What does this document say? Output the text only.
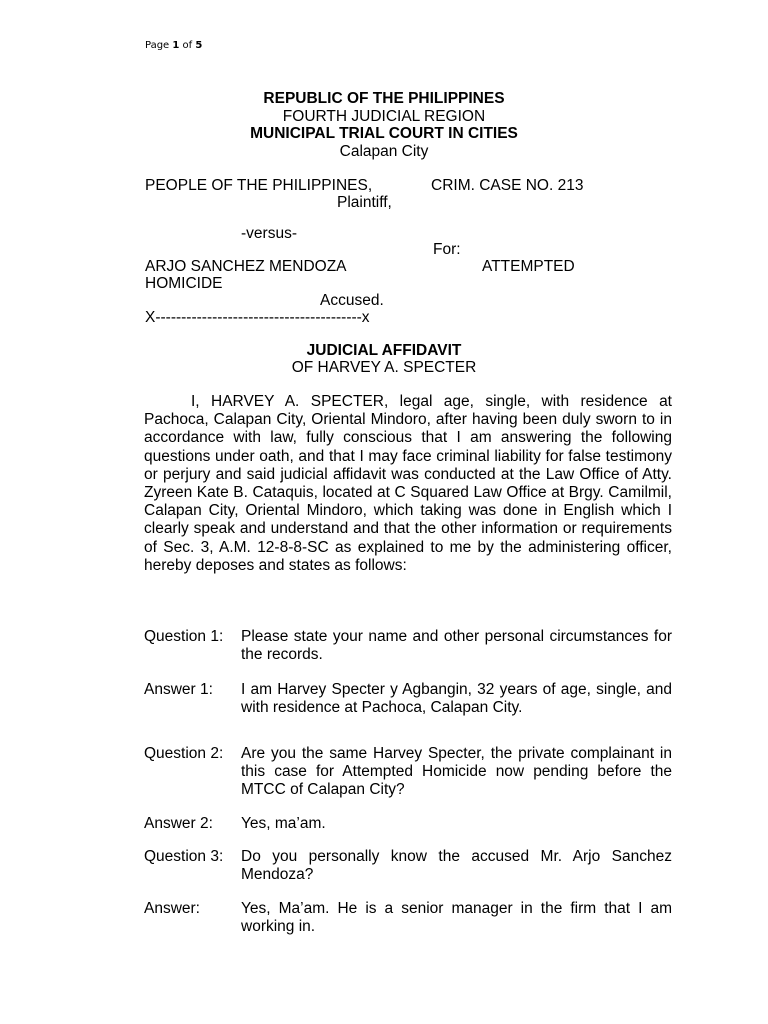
Page 1 of 5
REPUBLIC OF THE PHILIPPINES
FOURTH JUDICIAL REGION
MUNICIPAL TRIAL COURT IN CITIES
Calapan City
PEOPLE OF THE PHILIPPINES,	CRIM. CASE NO. 213
Plaintiff,
-versus-
For:
ARJO SANCHEZ MENDOZA	ATTEMPTED
HOMICIDE
Accused.
X----------------------------------------x
JUDICIAL AFFIDAVIT
OF HARVEY A. SPECTER
I, HARVEY A. SPECTER, legal age, single, with residence at Pachoca, Calapan City, Oriental Mindoro, after having been duly sworn to in accordance with law, fully conscious that I am answering the following questions under oath, and that I may face criminal liability for false testimony or perjury and said judicial affidavit was conducted at the Law Office of Atty. Zyreen Kate B. Cataquis, located at C Squared Law Office at Brgy. Camilmil, Calapan City, Oriental Mindoro, which taking was done in English which I clearly speak and understand and that the other information or requirements of Sec. 3, A.M. 12-8-8-SC as explained to me by the administering officer, hereby deposes and states as follows:
Question 1: Please state your name and other personal circumstances for the records.
Answer 1: I am Harvey Specter y Agbangin, 32 years of age, single, and with residence at Pachoca, Calapan City.
Question 2: Are you the same Harvey Specter, the private complainant in this case for Attempted Homicide now pending before the MTCC of Calapan City?
Answer 2: Yes, ma’am.
Question 3: Do you personally know the accused Mr. Arjo Sanchez Mendoza?
Answer:	Yes, Ma’am. He is a senior manager in the firm that I am working in.
